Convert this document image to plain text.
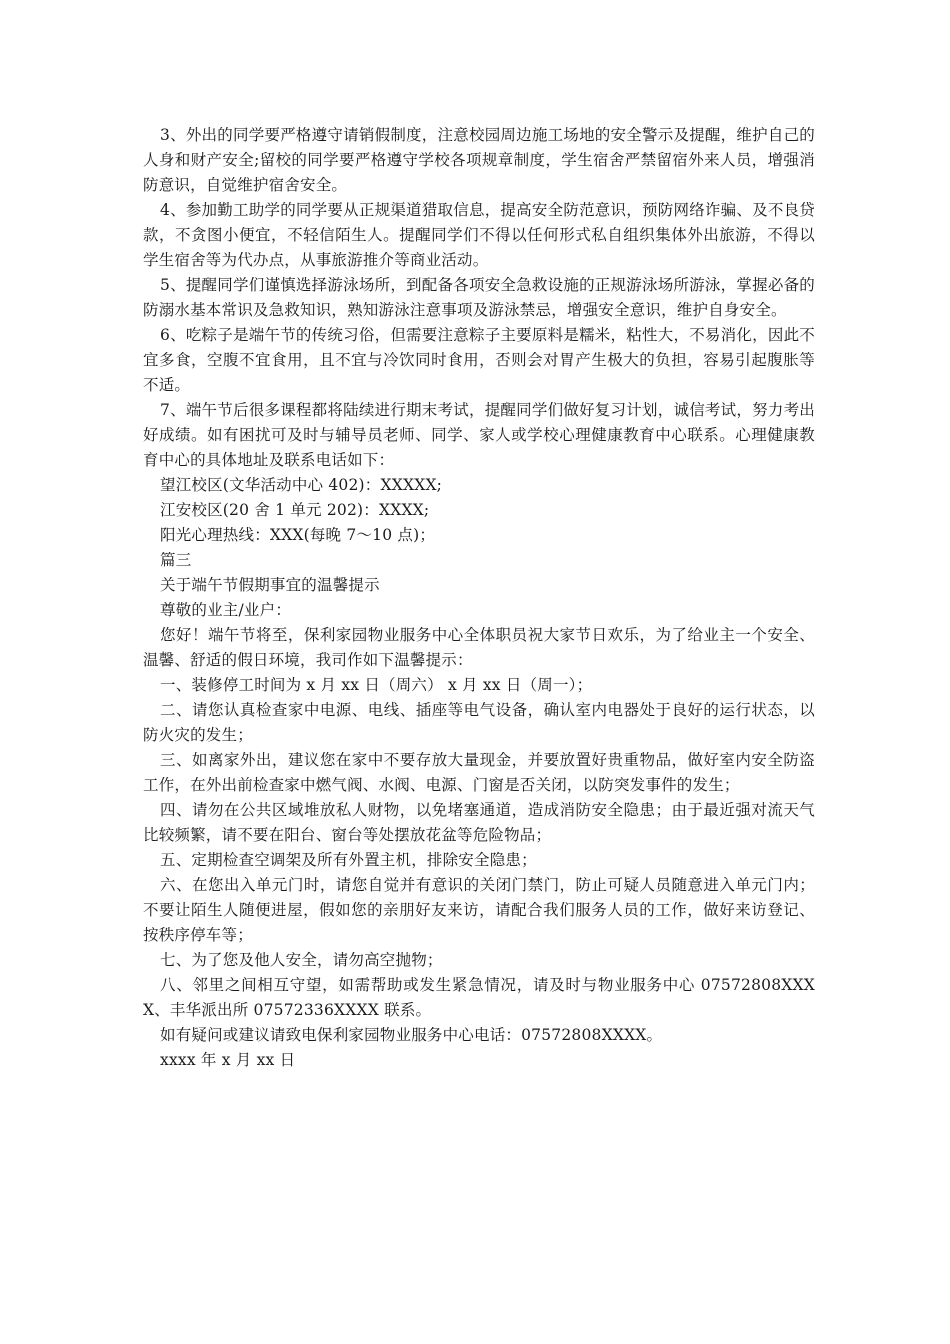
3、外出的同学要严格遵守请销假制度，注意校园周边施工场地的安全警示及提醒，维护自己的人身和财产安全;留校的同学要严格遵守学校各项规章制度，学生宿舍严禁留宿外来人员，增强消防意识，自觉维护宿舍安全。

4、参加勤工助学的同学要从正规渠道猎取信息，提高安全防范意识，预防网络诈骗、及不良贷款，不贪图小便宜，不轻信陌生人。提醒同学们不得以任何形式私自组织集体外出旅游，不得以学生宿舍等为代办点，从事旅游推介等商业活动。

5、提醒同学们谨慎选择游泳场所，到配备各项安全急救设施的正规游泳场所游泳，掌握必备的防溺水基本常识及急救知识，熟知游泳注意事项及游泳禁忌，增强安全意识，维护自身安全。

6、吃粽子是端午节的传统习俗，但需要注意粽子主要原料是糯米，粘性大，不易消化，因此不宜多食，空腹不宜食用，且不宜与冷饮同时食用，否则会对胃产生极大的负担，容易引起腹胀等不适。

7、端午节后很多课程都将陆续进行期末考试，提醒同学们做好复习计划，诚信考试，努力考出好成绩。如有困扰可及时与辅导员老师、同学、家人或学校心理健康教育中心联系。心理健康教育中心的具体地址及联系电话如下：

望江校区(文华活动中心 402)：XXXXX;

江安校区(20 舍 1 单元 202)：XXXX;

阳光心理热线：XXX(每晚 7～10 点)；

篇三

关于端午节假期事宜的温馨提示

尊敬的业主/业户：

您好！端午节将至，保利家园物业服务中心全体职员祝大家节日欢乐，为了给业主一个安全、温馨、舒适的假日环境，我司作如下温馨提示：

一、装修停工时间为 x 月 xx 日（周六） x 月 xx 日（周一）；

二、请您认真检查家中电源、电线、插座等电气设备，确认室内电器处于良好的运行状态，以防火灾的发生；

三、如离家外出，建议您在家中不要存放大量现金，并要放置好贵重物品，做好室内安全防盗工作，在外出前检查家中燃气阀、水阀、电源、门窗是否关闭，以防突发事件的发生；

四、请勿在公共区域堆放私人财物，以免堵塞通道，造成消防安全隐患；由于最近强对流天气比较频繁，请不要在阳台、窗台等处摆放花盆等危险物品；

五、定期检查空调架及所有外置主机，排除安全隐患；

六、在您出入单元门时，请您自觉并有意识的关闭门禁门，防止可疑人员随意进入单元门内；不要让陌生人随便进屋，假如您的亲朋好友来访，请配合我们服务人员的工作，做好来访登记、按秩序停车等；

七、为了您及他人安全，请勿高空抛物；

八、邻里之间相互守望，如需帮助或发生紧急情况，请及时与物业服务中心 07572808XXXX、丰华派出所 07572336XXXX 联系。

如有疑问或建议请致电保利家园物业服务中心电话：07572808XXXX。

xxxx 年 x 月 xx 日
